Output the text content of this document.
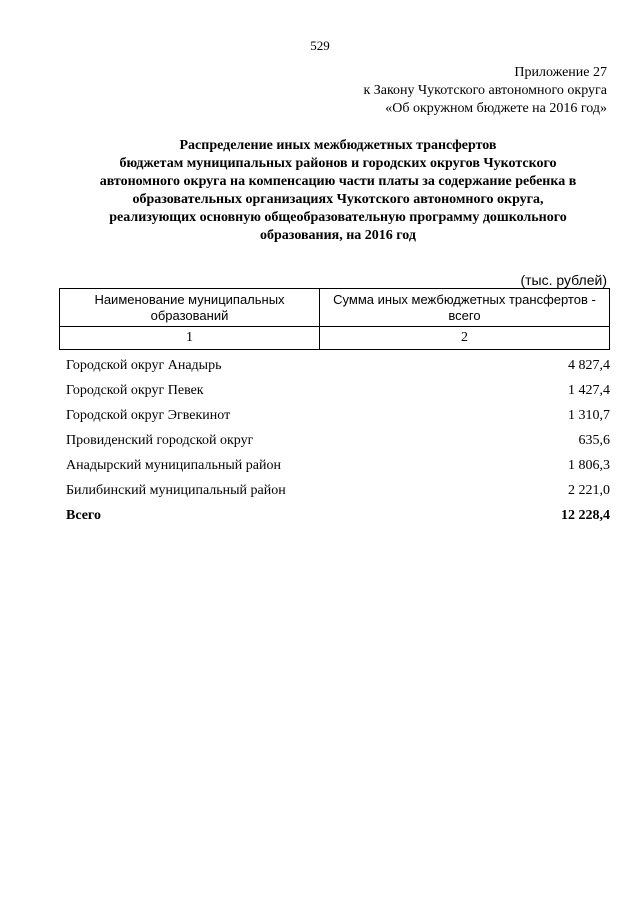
529
Приложение 27
к Закону Чукотского автономного округа
«Об окружном бюджете на 2016 год»
Распределение иных межбюджетных трансфертов
бюджетам муниципальных районов и городских округов Чукотского
автономного округа на компенсацию части платы за содержание ребенка в
образовательных организациях Чукотского автономного округа,
реализующих основную общеобразовательную программу дошкольного
образования, на 2016 год
(тыс. рублей)
Наименование муниципальных образований	Сумма иных межбюджетных трансфертов - всего
1	2
Городской округ Анадырь	4 827,4
Городской округ Певек	1 427,4
Городской округ Эгвекинот	1 310,7
Провиденский городской округ	635,6
Анадырский муниципальный район	1 806,3
Билибинский муниципальный район	2 221,0
Всего	12 228,4
